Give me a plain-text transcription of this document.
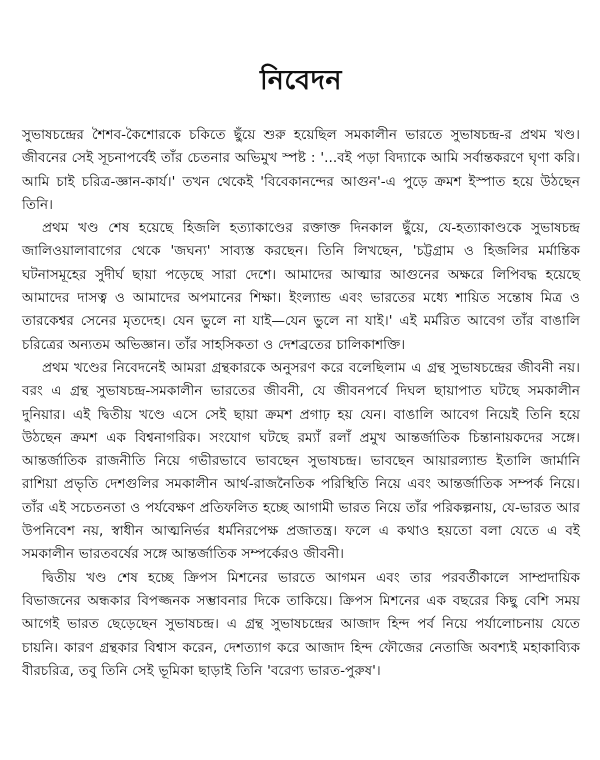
নিবেদন

সুভাষচন্দ্রের শৈশব-কৈশোরকে চকিতে ছুঁয়ে শুরু হয়েছিল সমকালীন ভারতে সুভাষচন্দ্র-র প্রথম খণ্ড। জীবনের সেই সূচনাপর্বেই তাঁর চেতনার অভিমুখ স্পষ্ট : '...বই পড়া বিদ্যাকে আমি সর্বান্তকরণে ঘৃণা করি। আমি চাই চরিত্র-জ্ঞান-কার্য।' তখন থেকেই 'বিবেকানন্দের আগুন'-এ পুড়ে ক্রমশ ইস্পাত হয়ে উঠছেন তিনি।

প্রথম খণ্ড শেষ হয়েছে হিজলি হত্যাকাণ্ডের রক্তাক্ত দিনকাল ছুঁয়ে, যে-হত্যাকাণ্ডকে সুভাষচন্দ্র জালিওয়ালাবাগের থেকে 'জঘন্য' সাব্যস্ত করছেন। তিনি লিখছেন, 'চট্টগ্রাম ও হিজলির মর্মান্তিক ঘটনাসমূহের সুদীর্ঘ ছায়া পড়েছে সারা দেশে। আমাদের আত্মার আগুনের অক্ষরে লিপিবদ্ধ হয়েছে আমাদের দাসত্ব ও আমাদের অপমানের শিক্ষা। ইংল্যান্ড এবং ভারতের মধ্যে শায়িত সন্তোষ মিত্র ও তারকেশ্বর সেনের মৃতদেহ। যেন ভুলে না যাই—যেন ভুলে না যাই।' এই মর্মরিত আবেগ তাঁর বাঙালি চরিত্রের অন্যতম অভিজ্ঞান। তাঁর সাহসিকতা ও দেশব্রতের চালিকাশক্তি।

প্রথম খণ্ডের নিবেদনেই আমরা গ্রন্থকারকে অনুসরণ করে বলেছিলাম এ গ্রন্থ সুভাষচন্দ্রের জীবনী নয়। বরং এ গ্রন্থ সুভাষচন্দ্র-সমকালীন ভারতের জীবনী, যে জীবনপর্বে দিঘল ছায়াপাত ঘটছে সমকালীন দুনিয়ার। এই দ্বিতীয় খণ্ডে এসে সেই ছায়া ক্রমশ প্রগাঢ় হয় যেন। বাঙালি আবেগ নিয়েই তিনি হয়ে উঠছেন ক্রমশ এক বিশ্বনাগরিক। সংযোগ ঘটছে রম্যাঁ রলাঁ প্রমুখ আন্তর্জাতিক চিন্তানায়কদের সঙ্গে। আন্তর্জাতিক রাজনীতি নিয়ে গভীরভাবে ভাবছেন সুভাষচন্দ্র। ভাবছেন আয়ারল্যান্ড ইতালি জার্মানি রাশিয়া প্রভৃতি দেশগুলির সমকালীন আর্থ-রাজনৈতিক পরিস্থিতি নিয়ে এবং আন্তর্জাতিক সম্পর্ক নিয়ে। তাঁর এই সচেতনতা ও পর্যবেক্ষণ প্রতিফলিত হচ্ছে আগামী ভারত নিয়ে তাঁর পরিকল্পনায়, যে-ভারত আর উপনিবেশ নয়, স্বাধীন আত্মনির্ভর ধর্মনিরপেক্ষ প্রজাতন্ত্র। ফলে এ কথাও হয়তো বলা যেতে এ বই সমকালীন ভারতবর্ষের সঙ্গে আন্তর্জাতিক সম্পর্কেরও জীবনী।

দ্বিতীয় খণ্ড শেষ হচ্ছে ক্রিপস মিশনের ভারতে আগমন এবং তার পরবর্তীকালে সাম্প্রদায়িক বিভাজনের অন্ধকার বিপজ্জনক সম্ভাবনার দিকে তাকিয়ে। ক্রিপস মিশনের এক বছরের কিছু বেশি সময় আগেই ভারত ছেড়েছেন সুভাষচন্দ্র। এ গ্রন্থ সুভাষচন্দ্রের আজাদ হিন্দ পর্ব নিয়ে পর্যালোচনায় যেতে চায়নি। কারণ গ্রন্থকার বিশ্বাস করেন, দেশত্যাগ করে আজাদ হিন্দ ফৌজের নেতাজি অবশ্যই মহাকাব্যিক বীরচরিত্র, তবু তিনি সেই ভূমিকা ছাড়াই তিনি 'বরেণ্য ভারত-পুরুষ'।
